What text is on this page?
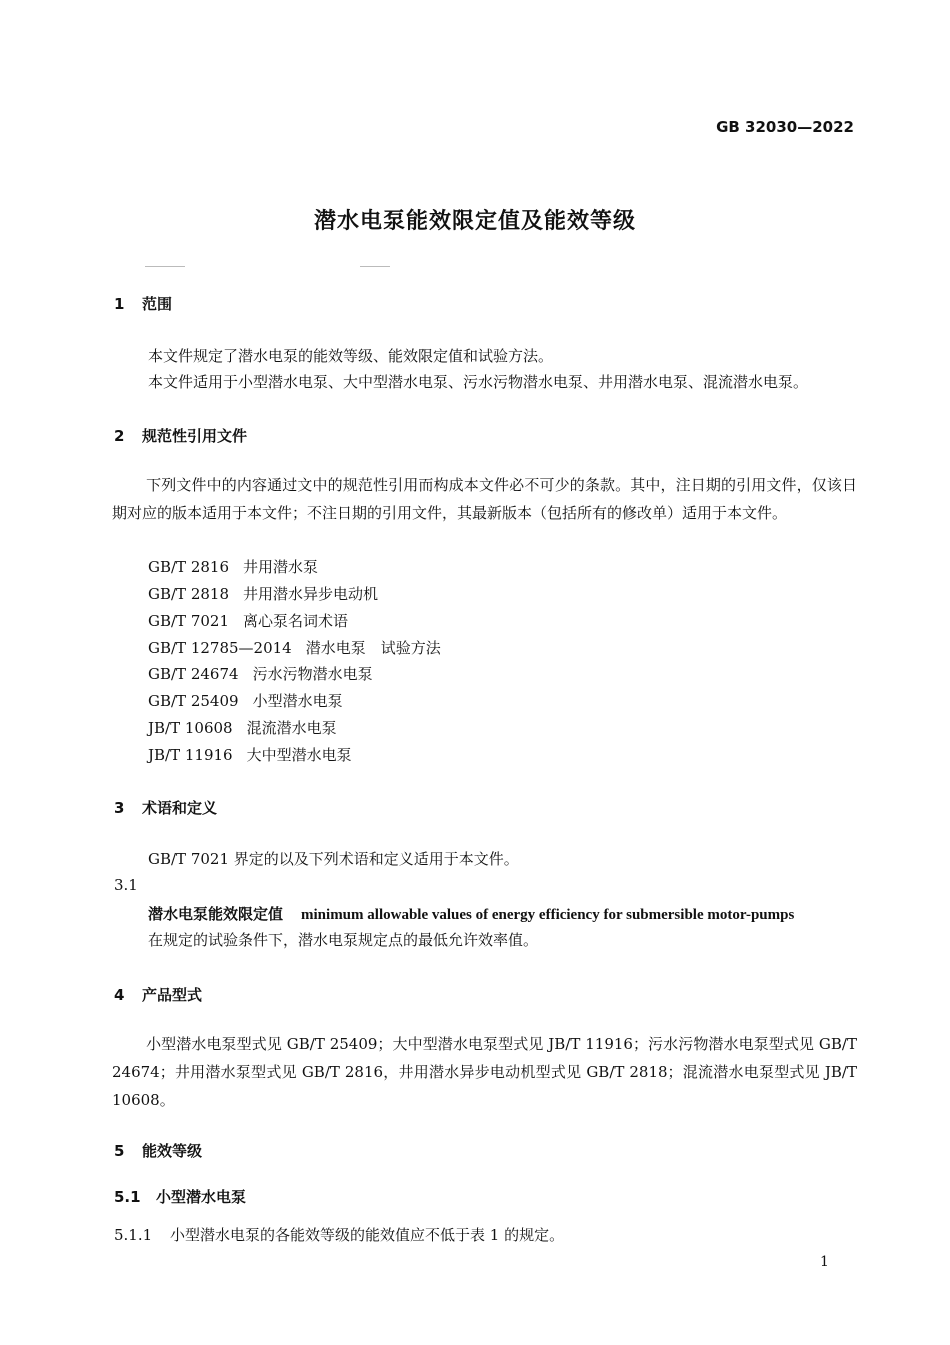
GB 32030—2022
潜水电泵能效限定值及能效等级
1 范围
本文件规定了潜水电泵的能效等级、能效限定值和试验方法。
本文件适用于小型潜水电泵、大中型潜水电泵、污水污物潜水电泵、井用潜水电泵、混流潜水电泵。
2 规范性引用文件
下列文件中的内容通过文中的规范性引用而构成本文件必不可少的条款。其中，注日期的引用文件，仅该日期对应的版本适用于本文件；不注日期的引用文件，其最新版本（包括所有的修改单）适用于本文件。
GB/T 2816 井用潜水泵
GB/T 2818 井用潜水异步电动机
GB/T 7021 离心泵名词术语
GB/T 12785—2014 潜水电泵　试验方法
GB/T 24674 污水污物潜水电泵
GB/T 25409 小型潜水电泵
JB/T 10608 混流潜水电泵
JB/T 11916 大中型潜水电泵
3 术语和定义
GB/T 7021 界定的以及下列术语和定义适用于本文件。
3.1
潜水电泵能效限定值 minimum allowable values of energy efficiency for submersible motor-pumps
在规定的试验条件下，潜水电泵规定点的最低允许效率值。
4 产品型式
小型潜水电泵型式见 GB/T 25409；大中型潜水电泵型式见 JB/T 11916；污水污物潜水电泵型式见 GB/T 24674；井用潜水泵型式见 GB/T 2816，井用潜水异步电动机型式见 GB/T 2818；混流潜水电泵型式见 JB/T 10608。
5 能效等级
5.1 小型潜水电泵
5.1.1 小型潜水电泵的各能效等级的能效值应不低于表 1 的规定。
1
